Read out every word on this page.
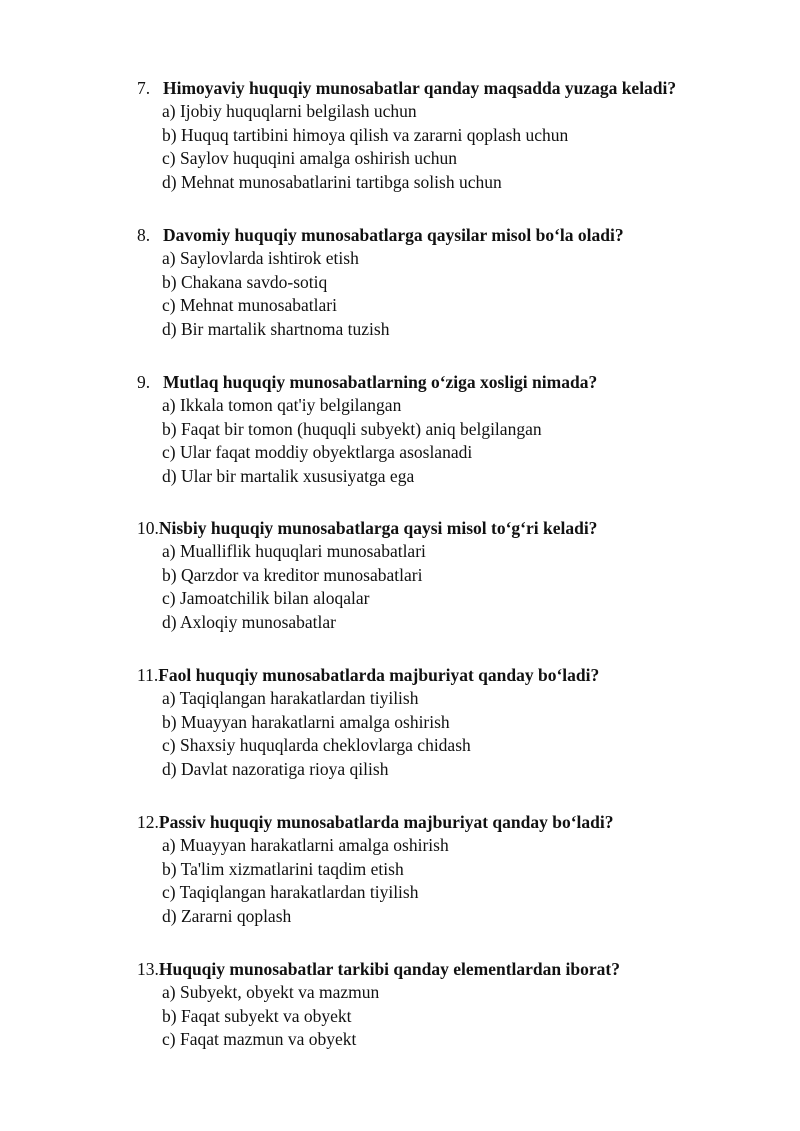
7. Himoyaviy huquqiy munosabatlar qanday maqsadda yuzaga keladi?
a) Ijobiy huquqlarni belgilash uchun
b) Huquq tartibini himoya qilish va zararni qoplash uchun
c) Saylov huquqini amalga oshirish uchun
d) Mehnat munosabatlarini tartibga solish uchun
8. Davomiy huquqiy munosabatlarga qaysilar misol bo‘la oladi?
a) Saylovlarda ishtirok etish
b) Chakana savdo-sotiq
c) Mehnat munosabatlari
d) Bir martalik shartnoma tuzish
9. Mutlaq huquqiy munosabatlarning o‘ziga xosligi nimada?
a) Ikkala tomon qat'iy belgilangan
b) Faqat bir tomon (huquqli subyekt) aniq belgilangan
c) Ular faqat moddiy obyektlarga asoslanadi
d) Ular bir martalik xususiyatga ega
10. Nisbiy huquqiy munosabatlarga qaysi misol to‘g‘ri keladi?
a) Mualliflik huquqlari munosabatlari
b) Qarzdor va kreditor munosabatlari
c) Jamoatchilik bilan aloqalar
d) Axloqiy munosabatlar
11. Faol huquqiy munosabatlarda majburiyat qanday bo‘ladi?
a) Taqiqlangan harakatlardan tiyilish
b) Muayyan harakatlarni amalga oshirish
c) Shaxsiy huquqlarda cheklovlarga chidash
d) Davlat nazoratiga rioya qilish
12. Passiv huquqiy munosabatlarda majburiyat qanday bo‘ladi?
a) Muayyan harakatlarni amalga oshirish
b) Ta'lim xizmatlarini taqdim etish
c) Taqiqlangan harakatlardan tiyilish
d) Zararni qoplash
13. Huquqiy munosabatlar tarkibi qanday elementlardan iborat?
a) Subyekt, obyekt va mazmun
b) Faqat subyekt va obyekt
c) Faqat mazmun va obyekt
